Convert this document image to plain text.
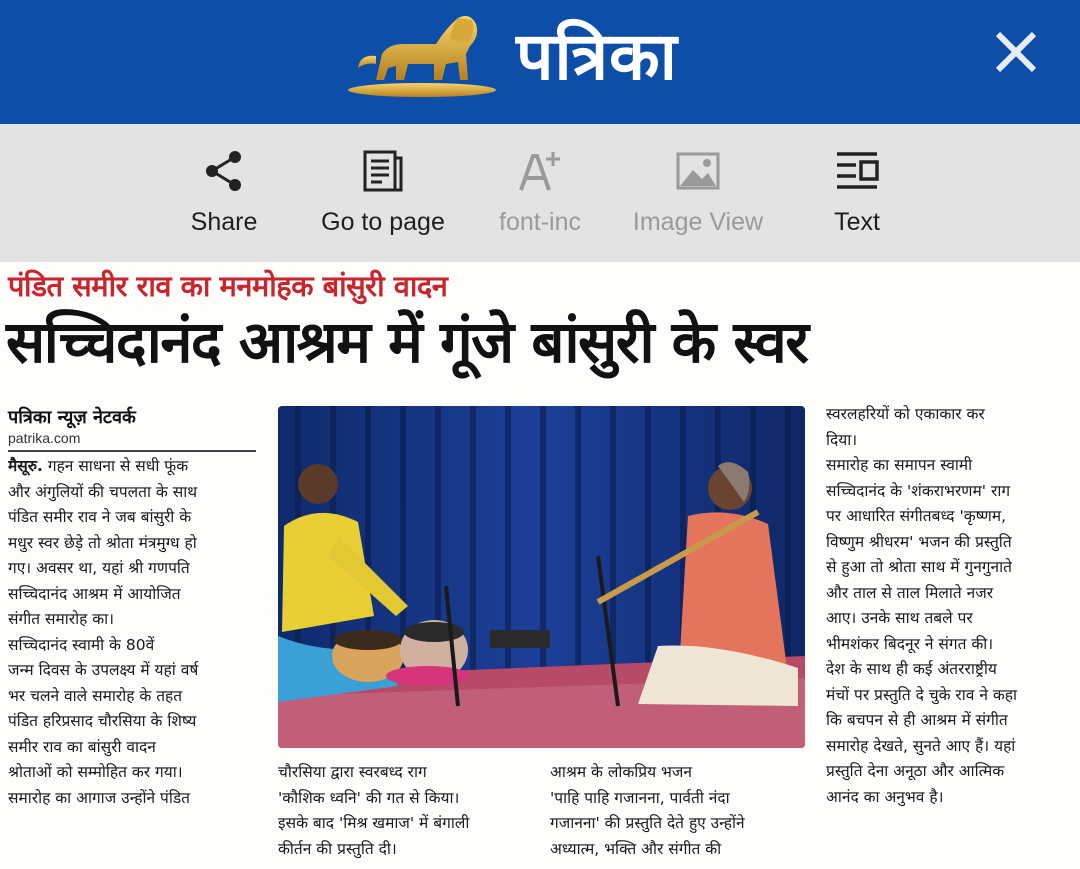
पत्रिका
Share	Go to page	font-inc	Image View	Text
पंडित समीर राव का मनमोहक बांसुरी वादन
सच्चिदानंद आश्रम में गूंजे बांसुरी के स्वर
पत्रिका न्यूज़ नेटवर्क
patrika.com

मैसूरु. गहन साधना से सधी फूंक

और अंगुलियों की चपलता के साथ

पंडित समीर राव ने जब बांसुरी के

मधुर स्वर छेड़े तो श्रोता मंत्रमुग्ध हो

गए। अवसर था, यहां श्री गणपति

सच्चिदानंद आश्रम में आयोजित

संगीत समारोह का।

सच्चिदानंद स्वामी के 80वें

जन्म दिवस के उपलक्ष्य में यहां वर्ष

भर चलने वाले समारोह के तहत

पंडित हरिप्रसाद चौरसिया के शिष्य

समीर राव का बांसुरी वादन

श्रोताओं को सम्मोहित कर गया।

समारोह का आगाज उन्होंने पंडित

चौरसिया द्वारा स्वरबध्द राग

'कौशिक ध्वनि' की गत से किया।

इसके बाद 'मिश्र खमाज' में बंगाली

कीर्तन की प्रस्तुति दी।

आश्रम के लोकप्रिय भजन

'पाहि पाहि गजानना, पार्वती नंदा

गजानना' की प्रस्तुति देते हुए उन्होंने

अध्यात्म, भक्ति और संगीत की

स्वरलहरियों को एकाकार कर

दिया।

समारोह का समापन स्वामी

सच्चिदानंद के 'शंकराभरणम' राग

पर आधारित संगीतबध्द 'कृष्णम,

विष्णुम श्रीधरम' भजन की प्रस्तुति

से हुआ तो श्रोता साथ में गुनगुनाते

और ताल से ताल मिलाते नजर

आए। उनके साथ तबले पर

भीमशंकर बिदनूर ने संगत की।

देश के साथ ही कई अंतरराष्ट्रीय

मंचों पर प्रस्तुति दे चुके राव ने कहा

कि बचपन से ही आश्रम में संगीत

समारोह देखते, सुनते आए हैं। यहां

प्रस्तुति देना अनूठा और आत्मिक

आनंद का अनुभव है।
